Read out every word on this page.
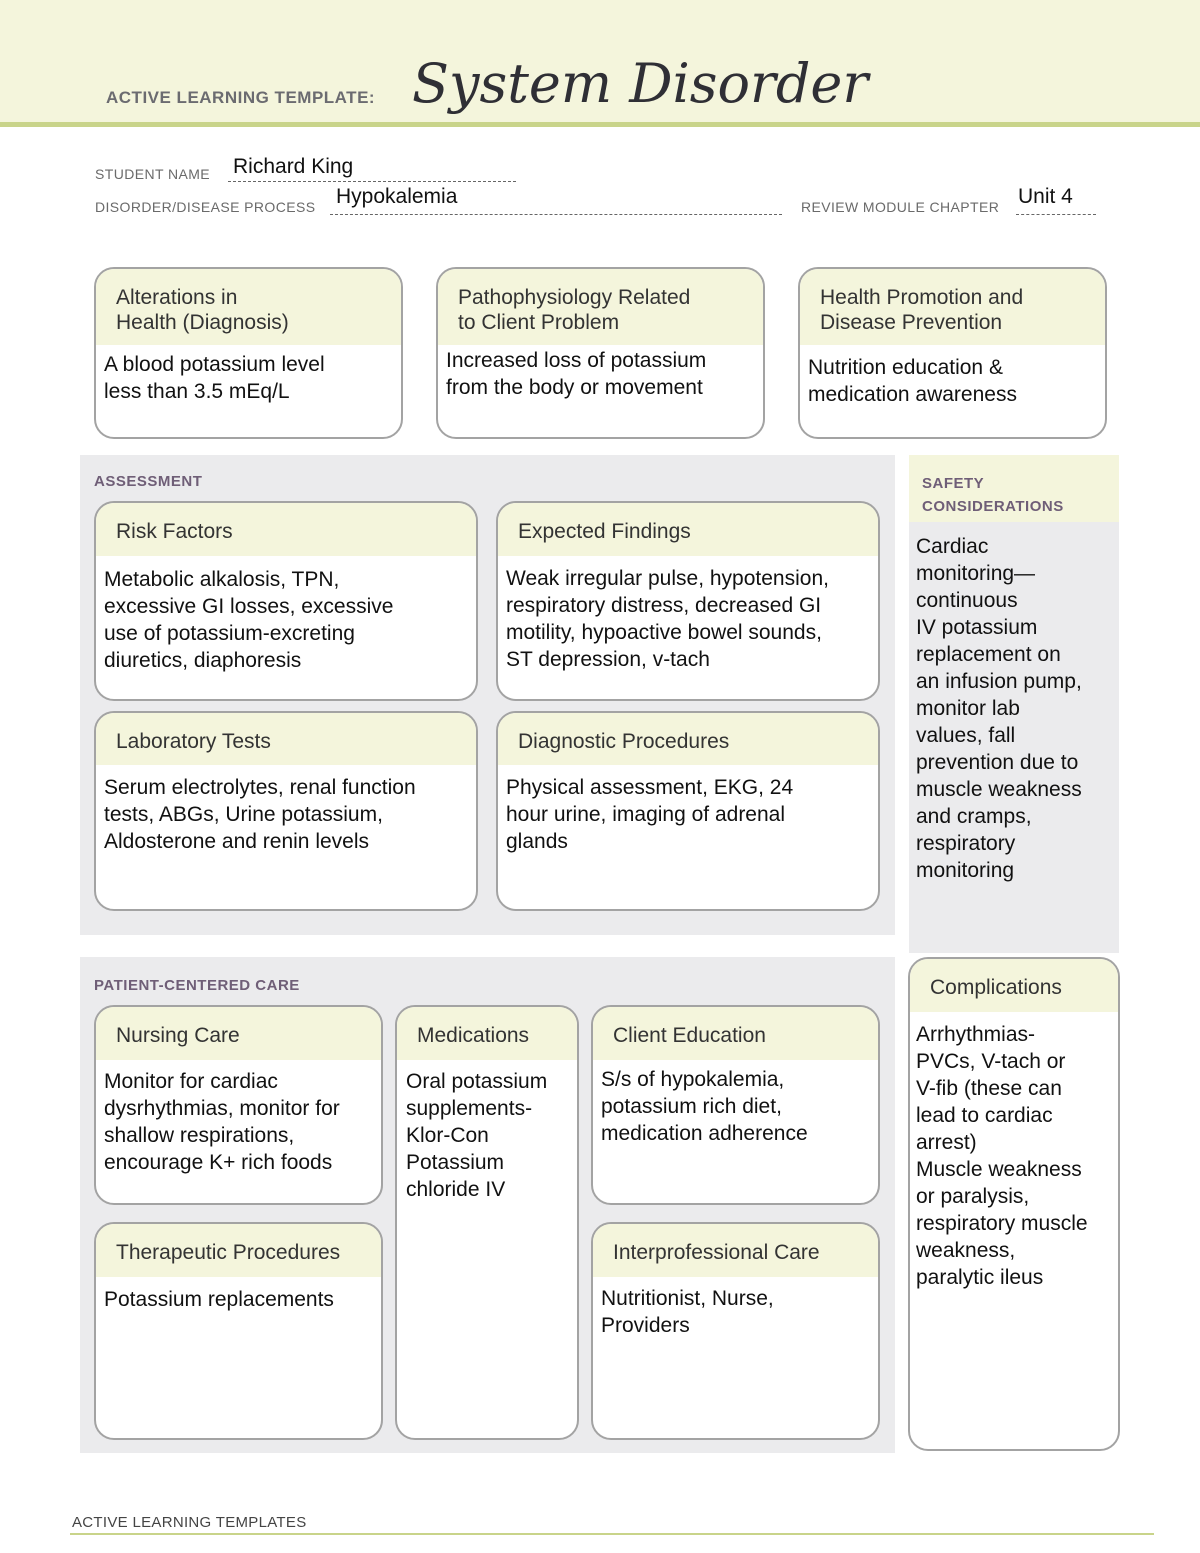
ACTIVE LEARNING TEMPLATE: System Disorder
STUDENT NAME Richard King
DISORDER/DISEASE PROCESS Hypokalemia	REVIEW MODULE CHAPTER Unit 4
Alterations in
Health (Diagnosis)
A blood potassium level
less than 3.5 mEq/L
Pathophysiology Related
to Client Problem
Increased loss of potassium
from the body or movement
Health Promotion and
Disease Prevention
Nutrition education &
medication awareness
ASSESSMENT
Risk Factors
Metabolic alkalosis, TPN,
excessive GI losses, excessive
use of potassium-excreting
diuretics, diaphoresis
Expected Findings
Weak irregular pulse, hypotension,
respiratory distress, decreased GI
motility, hypoactive bowel sounds,
ST depression, v-tach
Laboratory Tests
Serum electrolytes, renal function
tests, ABGs, Urine potassium,
Aldosterone and renin levels
Diagnostic Procedures
Physical assessment, EKG, 24
hour urine, imaging of adrenal
glands
SAFETY
CONSIDERATIONS
Cardiac
monitoring—
continuous
IV potassium
replacement on
an infusion pump,
monitor lab
values, fall
prevention due to
muscle weakness
and cramps,
respiratory
monitoring
PATIENT-CENTERED CARE
Nursing Care
Monitor for cardiac
dysrhythmias, monitor for
shallow respirations,
encourage K+ rich foods
Medications
Oral potassium
supplements-
Klor-Con
Potassium
chloride IV
Client Education
S/s of hypokalemia,
potassium rich diet,
medication adherence
Therapeutic Procedures
Potassium replacements
Interprofessional Care
Nutritionist, Nurse,
Providers
Complications
Arrhythmias-
PVCs, V-tach or
V-fib (these can
lead to cardiac
arrest)
Muscle weakness
or paralysis,
respiratory muscle
weakness,
paralytic ileus
ACTIVE LEARNING TEMPLATES
